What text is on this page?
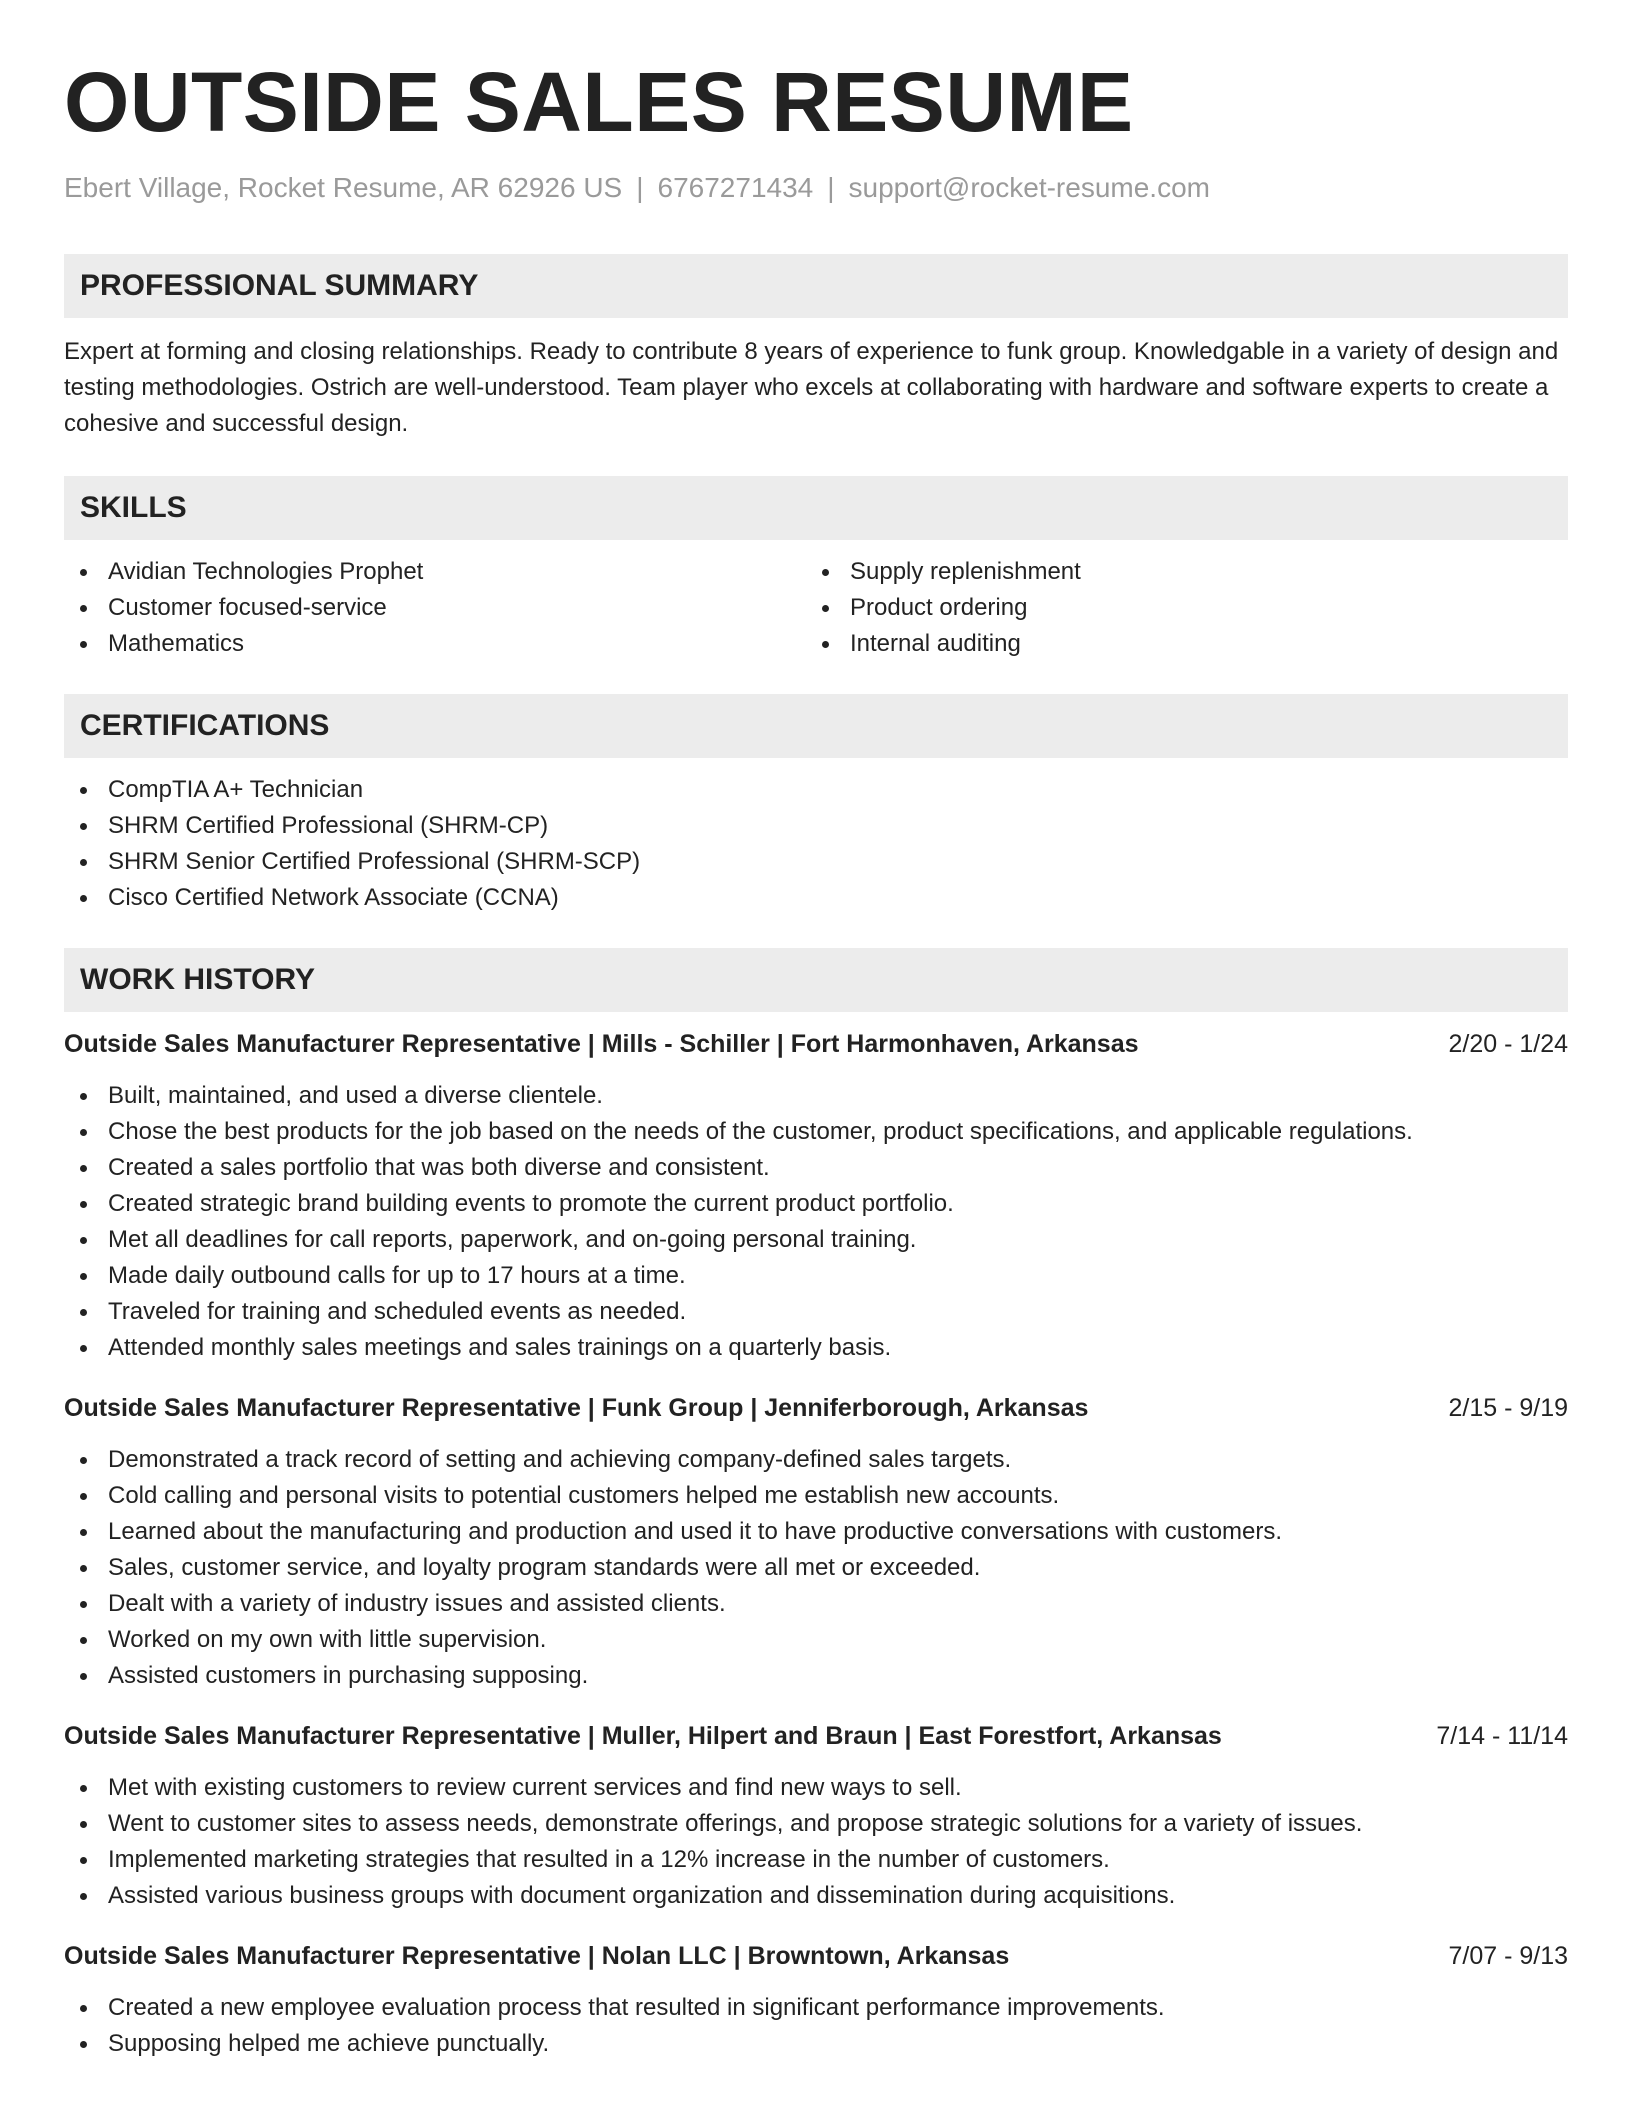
OUTSIDE SALES RESUME
Ebert Village, Rocket Resume, AR 62926 US | 6767271434 | support@rocket-resume.com
PROFESSIONAL SUMMARY
Expert at forming and closing relationships. Ready to contribute 8 years of experience to funk group. Knowledgable in a variety of design and testing methodologies. Ostrich are well-understood. Team player who excels at collaborating with hardware and software experts to create a cohesive and successful design.
SKILLS
Avidian Technologies Prophet
Customer focused-service
Mathematics
Supply replenishment
Product ordering
Internal auditing
CERTIFICATIONS
CompTIA A+ Technician
SHRM Certified Professional (SHRM-CP)
SHRM Senior Certified Professional (SHRM-SCP)
Cisco Certified Network Associate (CCNA)
WORK HISTORY
Outside Sales Manufacturer Representative | Mills - Schiller | Fort Harmonhaven, Arkansas	2/20 - 1/24
Built, maintained, and used a diverse clientele.
Chose the best products for the job based on the needs of the customer, product specifications, and applicable regulations.
Created a sales portfolio that was both diverse and consistent.
Created strategic brand building events to promote the current product portfolio.
Met all deadlines for call reports, paperwork, and on-going personal training.
Made daily outbound calls for up to 17 hours at a time.
Traveled for training and scheduled events as needed.
Attended monthly sales meetings and sales trainings on a quarterly basis.
Outside Sales Manufacturer Representative | Funk Group | Jenniferborough, Arkansas	2/15 - 9/19
Demonstrated a track record of setting and achieving company-defined sales targets.
Cold calling and personal visits to potential customers helped me establish new accounts.
Learned about the manufacturing and production and used it to have productive conversations with customers.
Sales, customer service, and loyalty program standards were all met or exceeded.
Dealt with a variety of industry issues and assisted clients.
Worked on my own with little supervision.
Assisted customers in purchasing supposing.
Outside Sales Manufacturer Representative | Muller, Hilpert and Braun | East Forestfort, Arkansas	7/14 - 11/14
Met with existing customers to review current services and find new ways to sell.
Went to customer sites to assess needs, demonstrate offerings, and propose strategic solutions for a variety of issues.
Implemented marketing strategies that resulted in a 12% increase in the number of customers.
Assisted various business groups with document organization and dissemination during acquisitions.
Outside Sales Manufacturer Representative | Nolan LLC | Browntown, Arkansas	7/07 - 9/13
Created a new employee evaluation process that resulted in significant performance improvements.
Supposing helped me achieve punctually.
